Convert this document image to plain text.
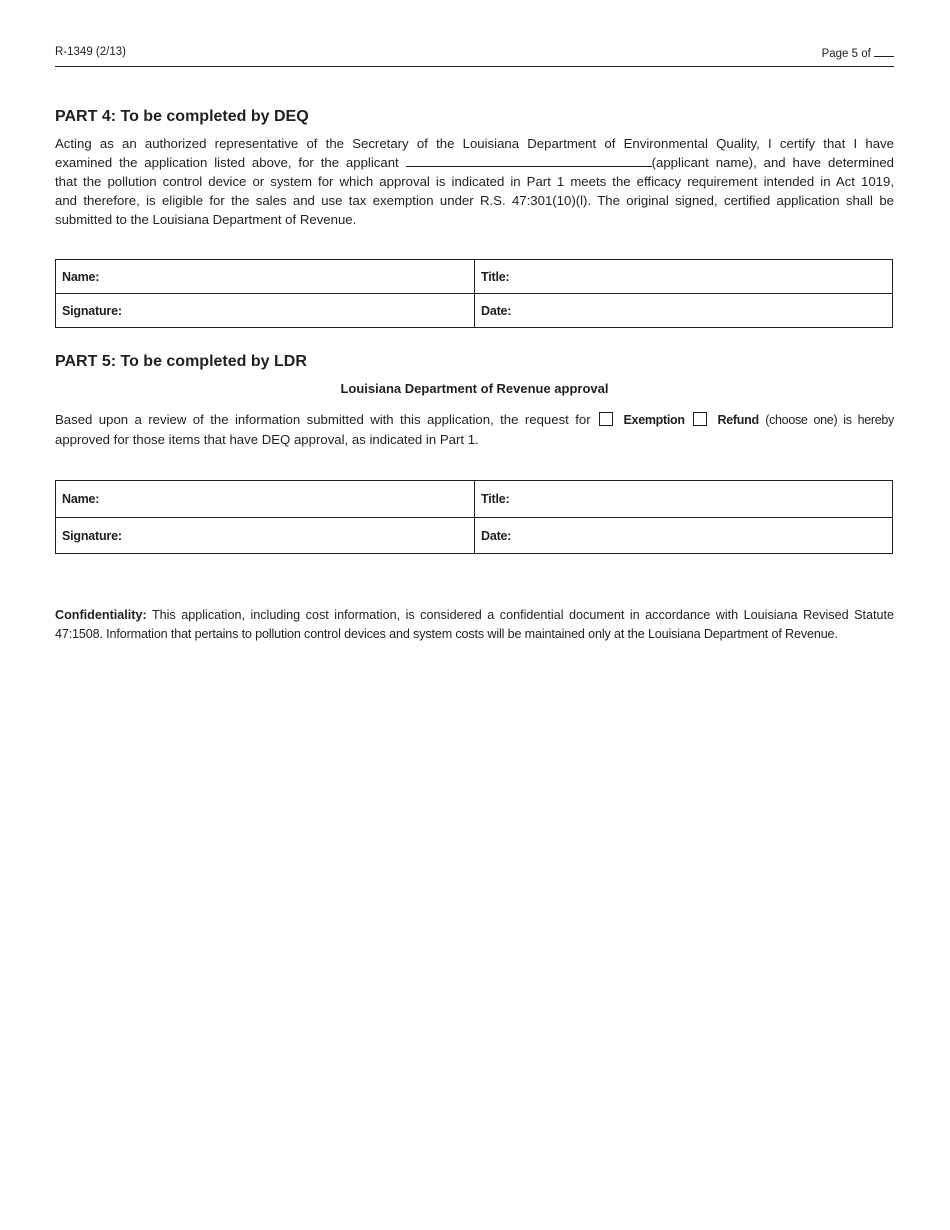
R-1349 (2/13)	Page 5 of
PART 4: To be completed by DEQ
Acting as an authorized representative of the Secretary of the Louisiana Department of Environmental Quality, I certify that I have
examined the application listed above, for the applicant	(applicant name), and have determined
that the pollution control device or system for which approval is indicated in Part 1 meets the efficacy requirement intended in Act 1019,
and therefore, is eligible for the sales and use tax exemption under R.S. 47:301(10)(l). The original signed, certified application shall be
submitted to the Louisiana Department of Revenue.
Name:	Title:
Signature:	Date:
PART 5: To be completed by LDR
Louisiana Department of Revenue approval
Based upon a review of the information submitted with this application, the request for	Exemption	Refund (choose one) is hereby
approved for those items that have DEQ approval, as indicated in Part 1.
Name:	Title:
Signature:	Date:
Confidentiality: This application, including cost information, is considered a confidential document in accordance with Louisiana Revised Statute
47:1508. Information that pertains to pollution control devices and system costs will be maintained only at the Louisiana Department of Revenue.
